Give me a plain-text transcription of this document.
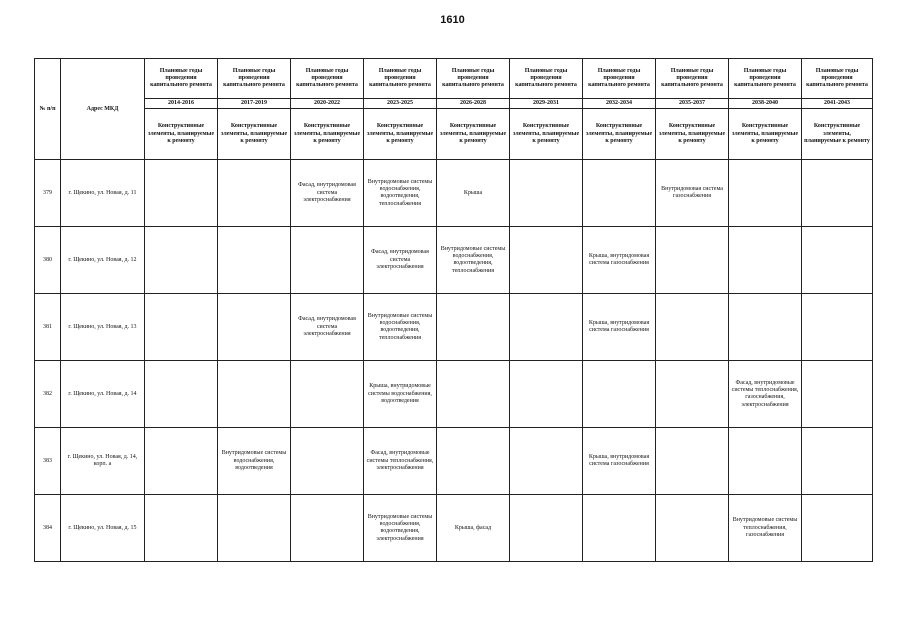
1610
№ п/п	Адрес МКД	Плановые годы проведения капитального ремонта	Плановые годы проведения капитального ремонта	Плановые годы проведения капитального ремонта	Плановые годы проведения капитального ремонта	Плановые годы проведения капитального ремонта	Плановые годы проведения капитального ремонта	Плановые годы проведения капитального ремонта	Плановые годы проведения капитального ремонта	Плановые годы проведения капитального ремонта	Плановые годы проведения капитального ремонта
		2014-2016	2017-2019	2020-2022	2023-2025	2026-2028	2029-2031	2032-2034	2035-2037	2038-2040	2041-2043
		Конструктивные элементы, планируемые к ремонту	Конструктивные элементы, планируемые к ремонту	Конструктивные элементы, планируемые к ремонту	Конструктивные элементы, планируемые к ремонту	Конструктивные элементы, планируемые к ремонту	Конструктивные элементы, планируемые к ремонту	Конструктивные элементы, планируемые к ремонту	Конструктивные элементы, планируемые к ремонту	Конструктивные элементы, планируемые к ремонту	Конструктивные элементы, планируемые к ремонту
379	г. Щекино, ул. Новая, д. 11			Фасад, внутридомовая система электроснабжения	Внутридомовые системы водоснабжения, водоотведения, теплоснабжения	Крыша			Внутридомовая система газоснабжения		
380	г. Щекино, ул. Новая, д. 12				Фасад, внутридомовая система электроснабжения	Внутридомовые системы водоснабжения, водоотведения, теплоснабжения		Крыша, внутридомовая система газоснабжения			
381	г. Щекино, ул. Новая, д. 13			Фасад, внутридомовая система электроснабжения	Внутридомовые системы водоснабжения, водоотведения, теплоснабжения			Крыша, внутридомовая система газоснабжения			
382	г. Щекино, ул. Новая, д. 14				Крыша, внутридомовые системы водоснабжения, водоотведения					Фасад, внутридомовые системы теплоснабжения, газоснабжения, электроснабжения	
383	г. Щекино, ул. Новая, д. 14, корп. а		Внутридомовые системы водоснабжения, водоотведения		Фасад, внутридомовые системы теплоснабжения, электроснабжения			Крыша, внутридомовая система газоснабжения			
384	г. Щекино, ул. Новая, д. 15				Внутридомовые системы водоснабжения, водоотведения, электроснабжения	Крыша, фасад				Внутридомовые системы теплоснабжения, газоснабжения	
